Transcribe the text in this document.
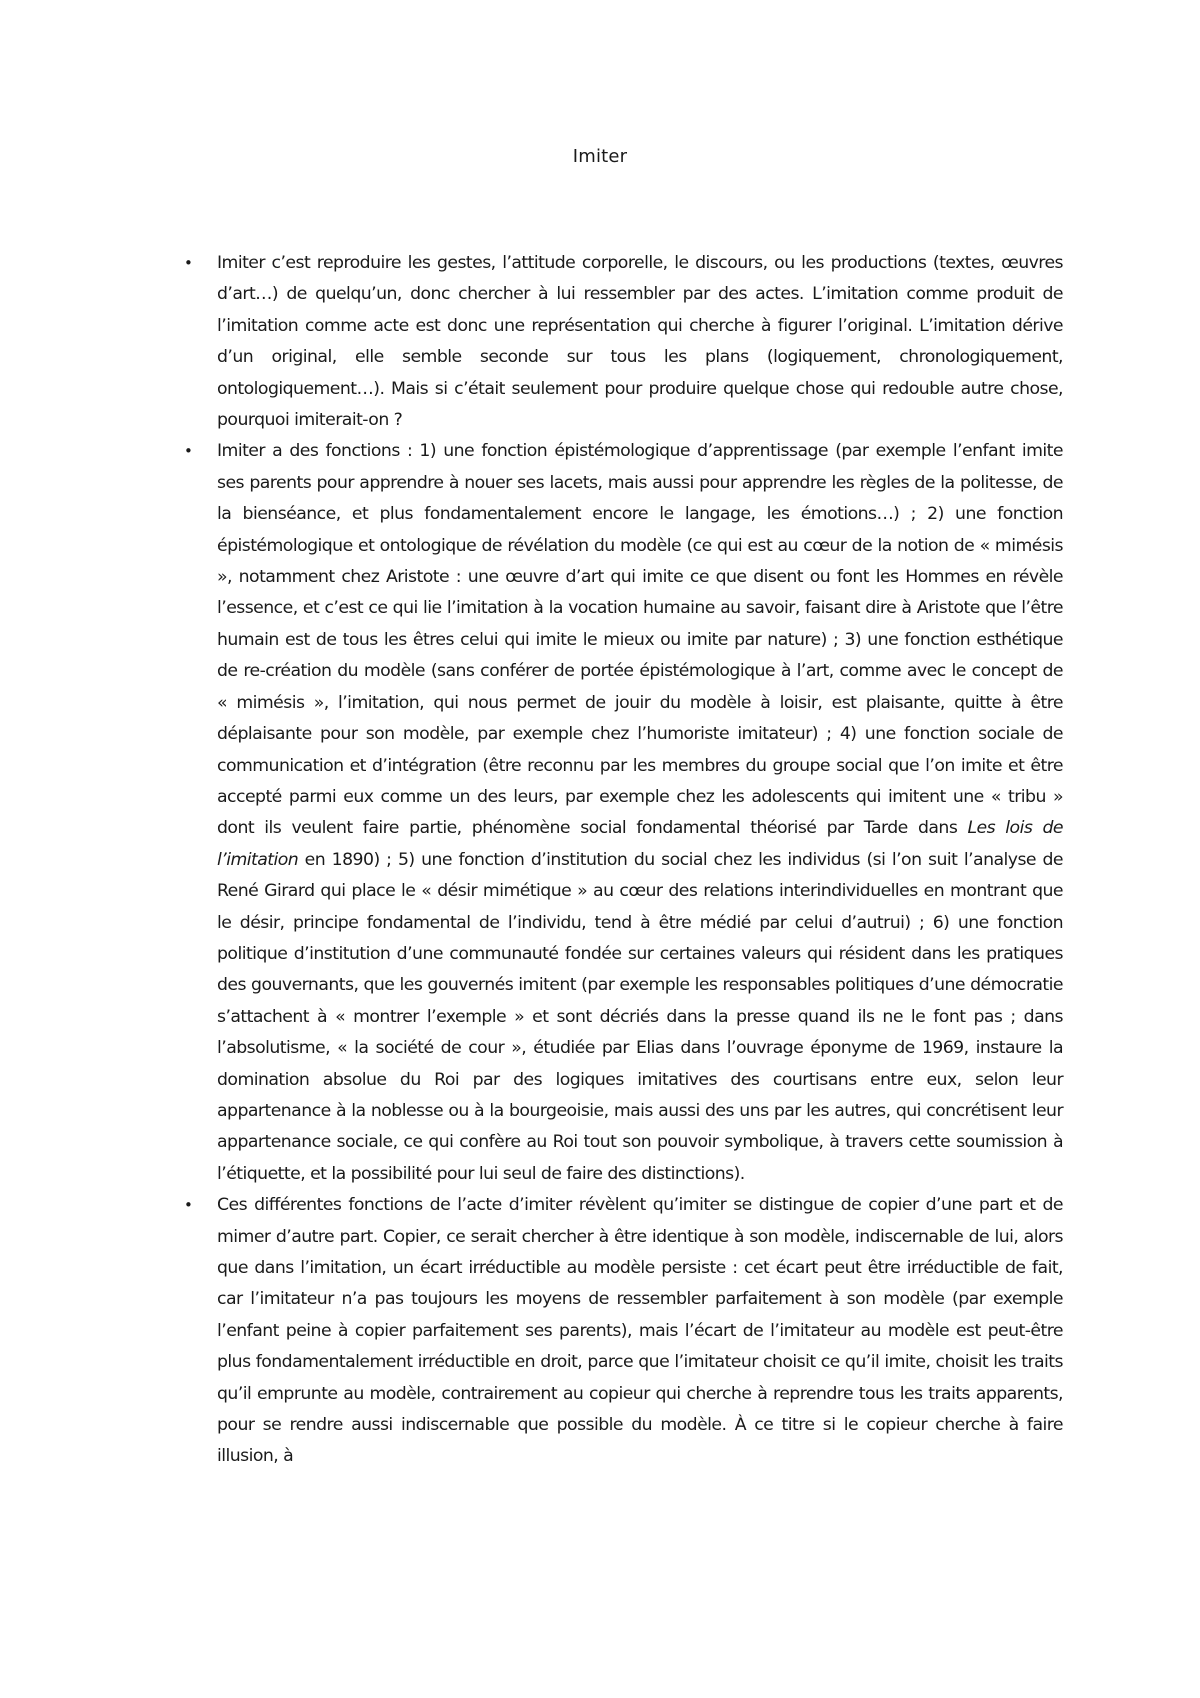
Imiter
• Imiter c’est reproduire les gestes, l’attitude corporelle, le discours, ou les productions (textes, œuvres d’art…) de quelqu’un, donc chercher à lui ressembler par des actes. L’imitation comme produit de l’imitation comme acte est donc une représentation qui cherche à figurer l’original. L’imitation dérive d’un original, elle semble seconde sur tous les plans (logiquement, chronologiquement, ontologiquement…). Mais si c’était seulement pour produire quelque chose qui redouble autre chose, pourquoi imiterait-on ?

• Imiter a des fonctions : 1) une fonction épistémologique d’apprentissage (par exemple l’enfant imite ses parents pour apprendre à nouer ses lacets, mais aussi pour apprendre les règles de la politesse, de la bienséance, et plus fondamentalement encore le langage, les émotions…) ; 2) une fonction épistémologique et ontologique de révélation du modèle (ce qui est au cœur de la notion de « mimésis », notamment chez Aristote : une œuvre d’art qui imite ce que disent ou font les Hommes en révèle l’essence, et c’est ce qui lie l’imitation à la vocation humaine au savoir, faisant dire à Aristote que l’être humain est de tous les êtres celui qui imite le mieux ou imite par nature) ; 3) une fonction esthétique de re-création du modèle (sans conférer de portée épistémologique à l’art, comme avec le concept de « mimésis », l’imitation, qui nous permet de jouir du modèle à loisir, est plaisante, quitte à être déplaisante pour son modèle, par exemple chez l’humoriste imitateur) ; 4) une fonction sociale de communication et d’intégration (être reconnu par les membres du groupe social que l’on imite et être accepté parmi eux comme un des leurs, par exemple chez les adolescents qui imitent une « tribu » dont ils veulent faire partie, phénomène social fondamental théorisé par Tarde dans Les lois de l’imitation en 1890) ; 5) une fonction d’institution du social chez les individus (si l’on suit l’analyse de René Girard qui place le « désir mimétique » au cœur des relations interindividuelles en montrant que le désir, principe fondamental de l’individu, tend à être médié par celui d’autrui) ; 6) une fonction politique d’institution d’une communauté fondée sur certaines valeurs qui résident dans les pratiques des gouvernants, que les gouvernés imitent (par exemple les responsables politiques d’une démocratie s’attachent à « montrer l’exemple » et sont décriés dans la presse quand ils ne le font pas ; dans l’absolutisme, « la société de cour », étudiée par Elias dans l’ouvrage éponyme de 1969, instaure la domination absolue du Roi par des logiques imitatives des courtisans entre eux, selon leur appartenance à la noblesse ou à la bourgeoisie, mais aussi des uns par les autres, qui concrétisent leur appartenance sociale, ce qui confère au Roi tout son pouvoir symbolique, à travers cette soumission à l’étiquette, et la possibilité pour lui seul de faire des distinctions).

• Ces différentes fonctions de l’acte d’imiter révèlent qu’imiter se distingue de copier d’une part et de mimer d’autre part. Copier, ce serait chercher à être identique à son modèle, indiscernable de lui, alors que dans l’imitation, un écart irréductible au modèle persiste : cet écart peut être irréductible de fait, car l’imitateur n’a pas toujours les moyens de ressembler parfaitement à son modèle (par exemple l’enfant peine à copier parfaitement ses parents), mais l’écart de l’imitateur au modèle est peut-être plus fondamentalement irréductible en droit, parce que l’imitateur choisit ce qu’il imite, choisit les traits qu’il emprunte au modèle, contrairement au copieur qui cherche à reprendre tous les traits apparents, pour se rendre aussi indiscernable que possible du modèle. À ce titre si le copieur cherche à faire illusion, à
